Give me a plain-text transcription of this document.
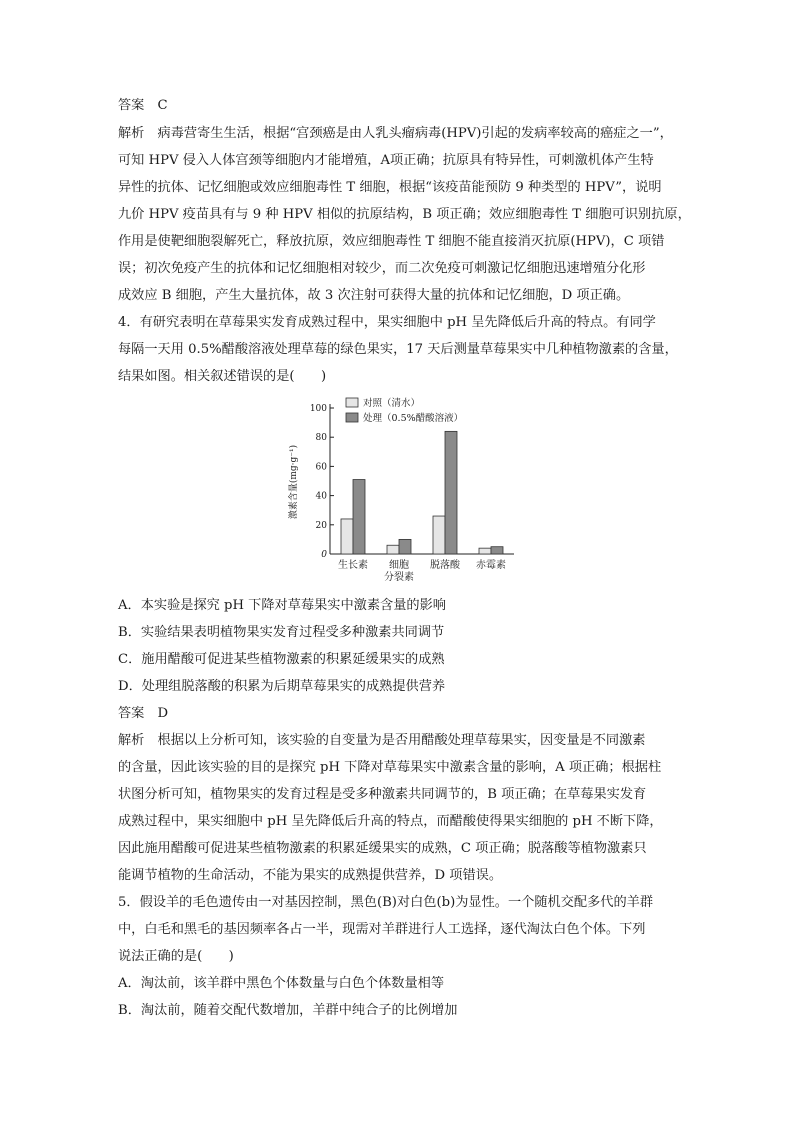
答案　C
解析　病毒营寄生生活，根据“宫颈癌是由人乳头瘤病毒(HPV)引起的发病率较高的癌症之一”，
可知 HPV 侵入人体宫颈等细胞内才能增殖，A项正确；抗原具有特异性，可刺激机体产生特
异性的抗体、记忆细胞或效应细胞毒性 T 细胞，根据“该疫苗能预防 9 种类型的 HPV”，说明
九价 HPV 疫苗具有与 9 种 HPV 相似的抗原结构，B 项正确；效应细胞毒性 T 细胞可识别抗原，
作用是使靶细胞裂解死亡，释放抗原，效应细胞毒性 T 细胞不能直接消灭抗原(HPV)，C 项错
误；初次免疫产生的抗体和记忆细胞相对较少，而二次免疫可刺激记忆细胞迅速增殖分化形
成效应 B 细胞，产生大量抗体，故 3 次注射可获得大量的抗体和记忆细胞，D 项正确。
4．有研究表明在草莓果实发育成熟过程中，果实细胞中 pH 呈先降低后升高的特点。有同学
每隔一天用 0.5%醋酸溶液处理草莓的绿色果实，17 天后测量草莓果实中几种植物激素的含量，
结果如图。相关叙述错误的是(　　)
0
20
40
60
80
100
激素含量(mg·g⁻¹)
生长素 细胞
分裂素
脱落酸 赤霉素
对照（清水）
处理（0.5%醋酸溶液）
A．本实验是探究 pH 下降对草莓果实中激素含量的影响
B．实验结果表明植物果实发育过程受多种激素共同调节
C．施用醋酸可促进某些植物激素的积累延缓果实的成熟
D．处理组脱落酸的积累为后期草莓果实的成熟提供营养
答案　D
解析　根据以上分析可知，该实验的自变量为是否用醋酸处理草莓果实，因变量是不同激素
的含量，因此该实验的目的是探究 pH 下降对草莓果实中激素含量的影响，A 项正确；根据柱
状图分析可知，植物果实的发育过程是受多种激素共同调节的，B 项正确；在草莓果实发育
成熟过程中，果实细胞中 pH 呈先降低后升高的特点，而醋酸使得果实细胞的 pH 不断下降，
因此施用醋酸可促进某些植物激素的积累延缓果实的成熟，C 项正确；脱落酸等植物激素只
能调节植物的生命活动，不能为果实的成熟提供营养，D 项错误。
5．假设羊的毛色遗传由一对基因控制，黑色(B)对白色(b)为显性。一个随机交配多代的羊群
中，白毛和黑毛的基因频率各占一半，现需对羊群进行人工选择，逐代淘汰白色个体。下列
说法正确的是(　　)
A．淘汰前，该羊群中黑色个体数量与白色个体数量相等
B．淘汰前，随着交配代数增加，羊群中纯合子的比例增加
